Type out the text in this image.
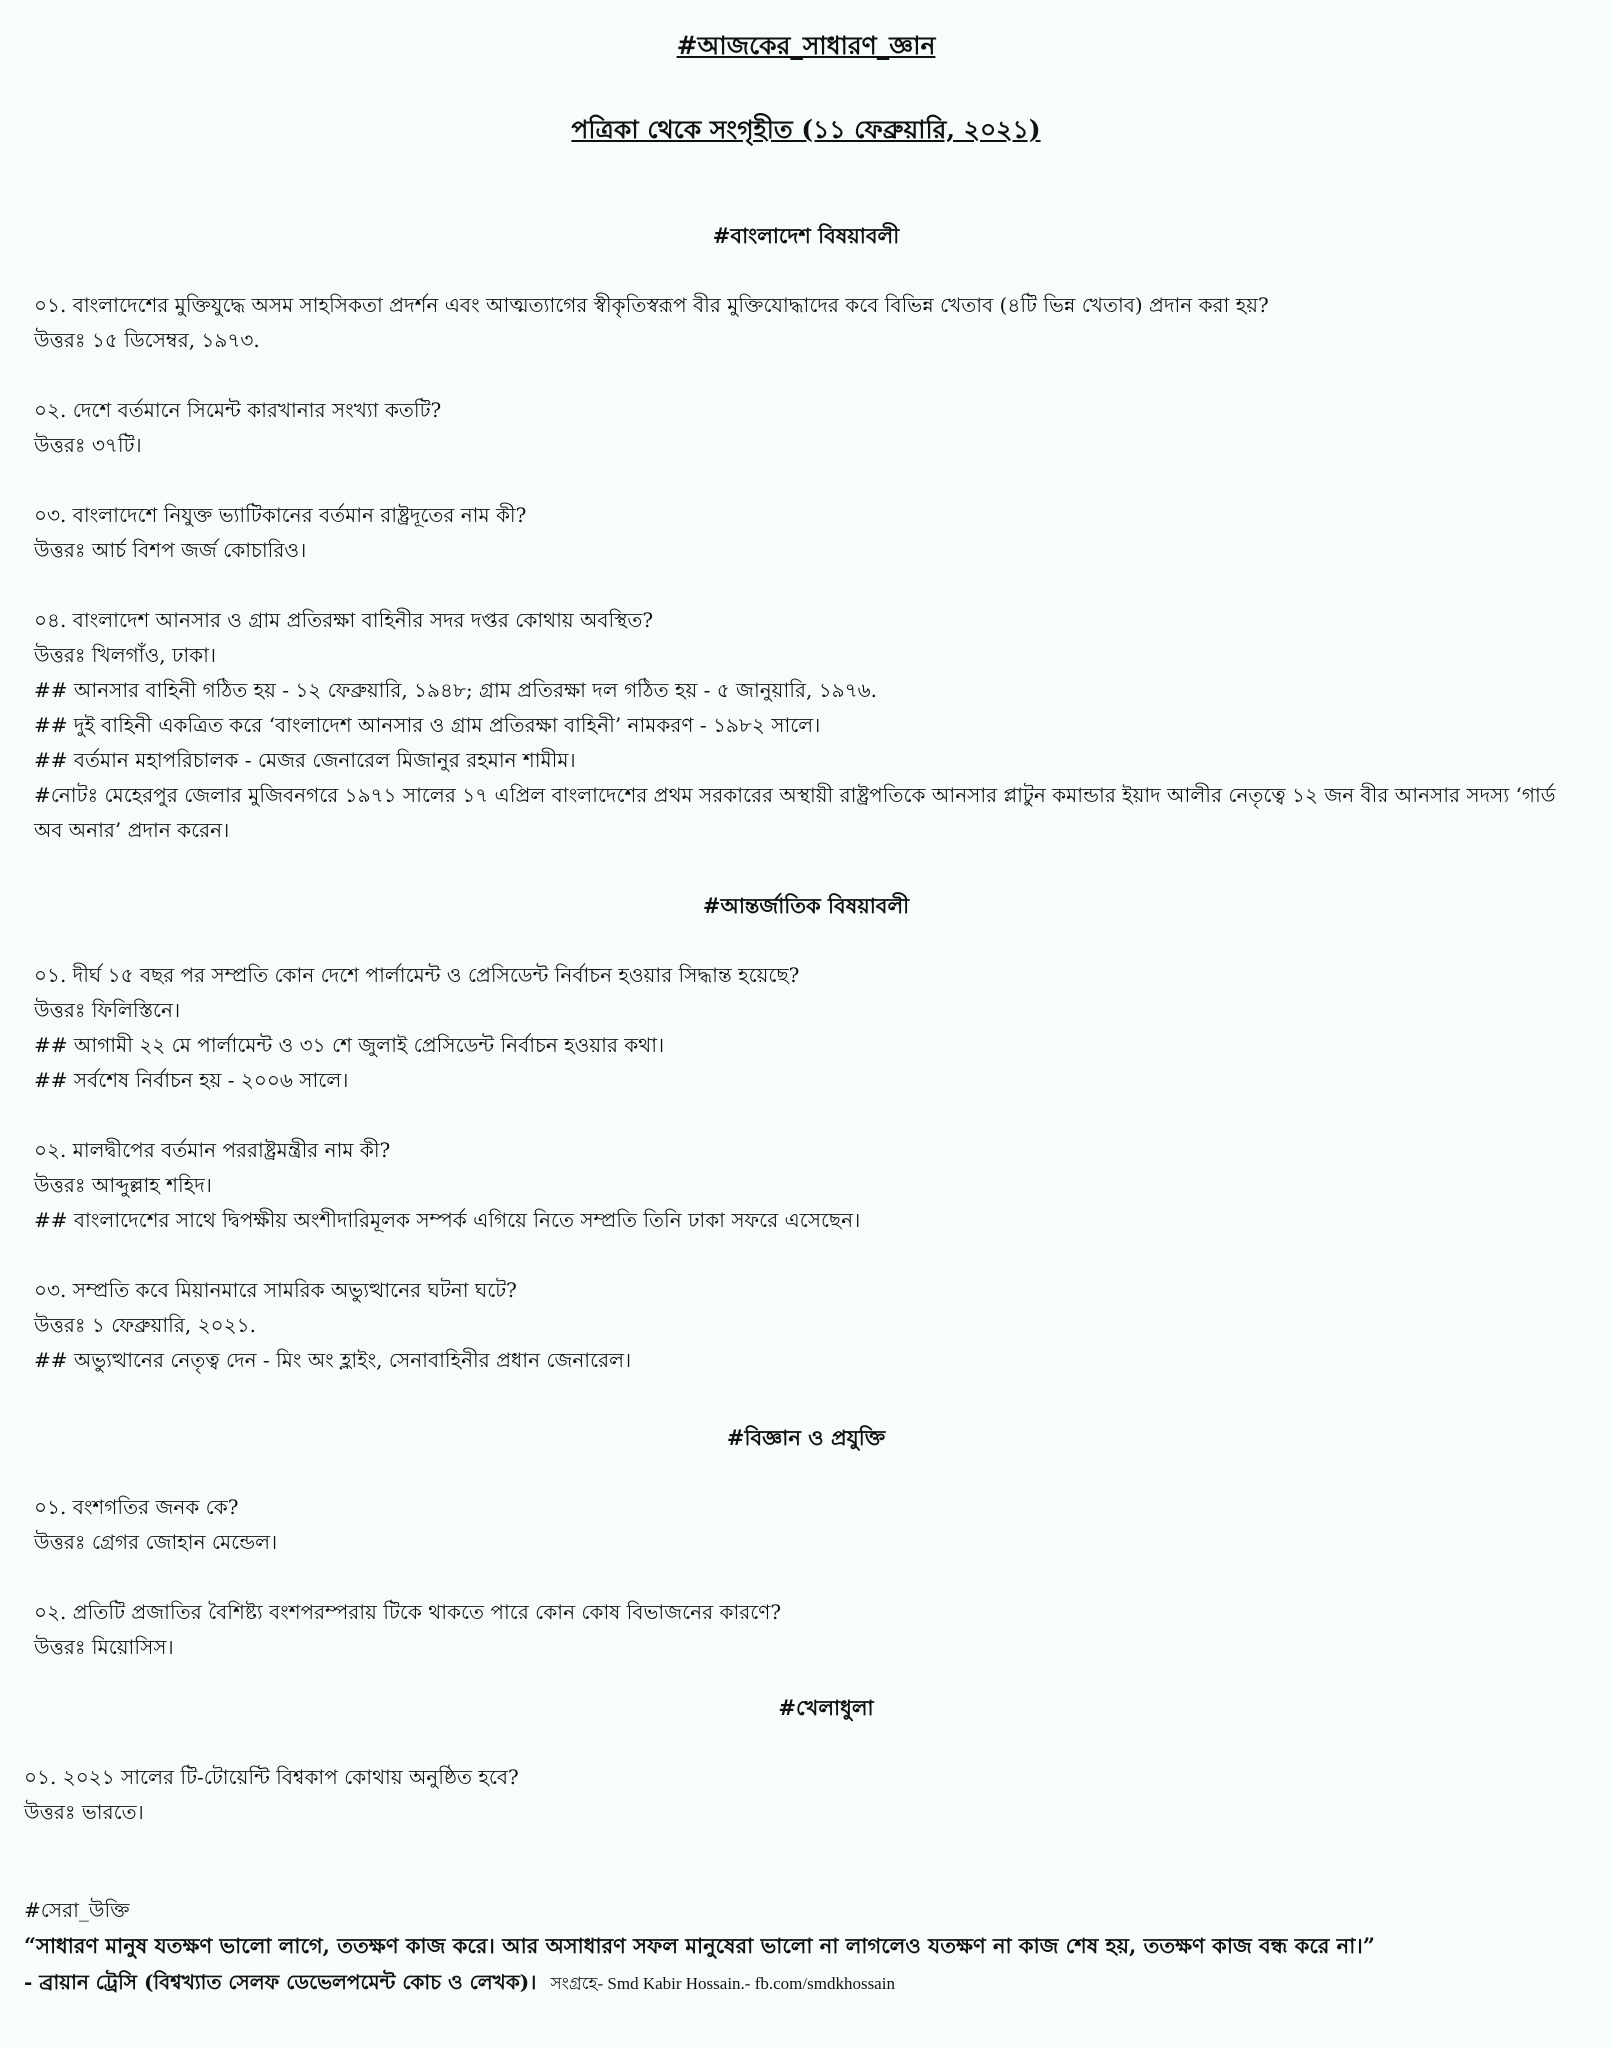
#আজকের_সাধারণ_জ্ঞান
পত্রিকা থেকে সংগৃহীত (১১ ফেব্রুয়ারি, ২০২১)
#বাংলাদেশ বিষয়াবলী

০১. বাংলাদেশের মুক্তিযুদ্ধে অসম সাহসিকতা প্রদর্শন এবং আত্মত্যাগের স্বীকৃতিস্বরূপ বীর মুক্তিযোদ্ধাদের কবে বিভিন্ন খেতাব (৪টি ভিন্ন খেতাব) প্রদান করা হয়?

উত্তরঃ ১৫ ডিসেম্বর, ১৯৭৩.

০২. দেশে বর্তমানে সিমেন্ট কারখানার সংখ্যা কতটি?

উত্তরঃ ৩৭টি।

০৩. বাংলাদেশে নিযুক্ত ভ্যাটিকানের বর্তমান রাষ্ট্রদূতের নাম কী?

উত্তরঃ আর্চ বিশপ জর্জ কোচারিও।

০৪. বাংলাদেশ আনসার ও গ্রাম প্রতিরক্ষা বাহিনীর সদর দপ্তর কোথায় অবস্থিত?

উত্তরঃ খিলগাঁও, ঢাকা।

## আনসার বাহিনী গঠিত হয় - ১২ ফেব্রুয়ারি, ১৯৪৮; গ্রাম প্রতিরক্ষা দল গঠিত হয় - ৫ জানুয়ারি, ১৯৭৬.

## দুই বাহিনী একত্রিত করে ‘বাংলাদেশ আনসার ও গ্রাম প্রতিরক্ষা বাহিনী’ নামকরণ - ১৯৮২ সালে।

## বর্তমান মহাপরিচালক - মেজর জেনারেল মিজানুর রহমান শামীম।

#নোটঃ মেহেরপুর জেলার মুজিবনগরে ১৯৭১ সালের ১৭ এপ্রিল বাংলাদেশের প্রথম সরকারের অস্থায়ী রাষ্ট্রপতিকে আনসার প্লাটুন কমান্ডার ইয়াদ আলীর নেতৃত্বে ১২ জন বীর আনসার সদস্য ‘গার্ড অব অনার’ প্রদান করেন।

#আন্তর্জাতিক বিষয়াবলী

০১. দীর্ঘ ১৫ বছর পর সম্প্রতি কোন দেশে পার্লামেন্ট ও প্রেসিডেন্ট নির্বাচন হওয়ার সিদ্ধান্ত হয়েছে?

উত্তরঃ ফিলিস্তিনে।

## আগামী ২২ মে পার্লামেন্ট ও ৩১ শে জুলাই প্রেসিডেন্ট নির্বাচন হওয়ার কথা।

## সর্বশেষ নির্বাচন হয় - ২০০৬ সালে।

০২. মালদ্বীপের বর্তমান পররাষ্ট্রমন্ত্রীর নাম কী?

উত্তরঃ আব্দুল্লাহ শহিদ।

## বাংলাদেশের সাথে দ্বিপক্ষীয় অংশীদারিমূলক সম্পর্ক এগিয়ে নিতে সম্প্রতি তিনি ঢাকা সফরে এসেছেন।

০৩. সম্প্রতি কবে মিয়ানমারে সামরিক অভ্যুত্থানের ঘটনা ঘটে?

উত্তরঃ ১ ফেব্রুয়ারি, ২০২১.

## অভ্যুত্থানের নেতৃত্ব দেন - মিং অং হ্লাইং, সেনাবাহিনীর প্রধান জেনারেল।

#বিজ্ঞান ও প্রযুক্তি

০১. বংশগতির জনক কে?

উত্তরঃ গ্রেগর জোহান মেন্ডেল।

০২. প্রতিটি প্রজাতির বৈশিষ্ট্য বংশপরম্পরায় টিকে থাকতে পারে কোন কোষ বিভাজনের কারণে?

উত্তরঃ মিয়োসিস।

#খেলাধুলা

০১. ২০২১ সালের টি-টোয়েন্টি বিশ্বকাপ কোথায় অনুষ্ঠিত হবে?

উত্তরঃ ভারতে।

#সেরা_উক্তি

“সাধারণ মানুষ যতক্ষণ ভালো লাগে, ততক্ষণ কাজ করে। আর অসাধারণ সফল মানুষেরা ভালো না লাগলেও যতক্ষণ না কাজ শেষ হয়, ততক্ষণ কাজ বন্ধ করে না।”

- ব্রায়ান ট্রেসি (বিশ্বখ্যাত সেলফ ডেভেলপমেন্ট কোচ ও লেখক)। সংগ্রহে- Smd Kabir Hossain.- fb.com/smdkhossain
